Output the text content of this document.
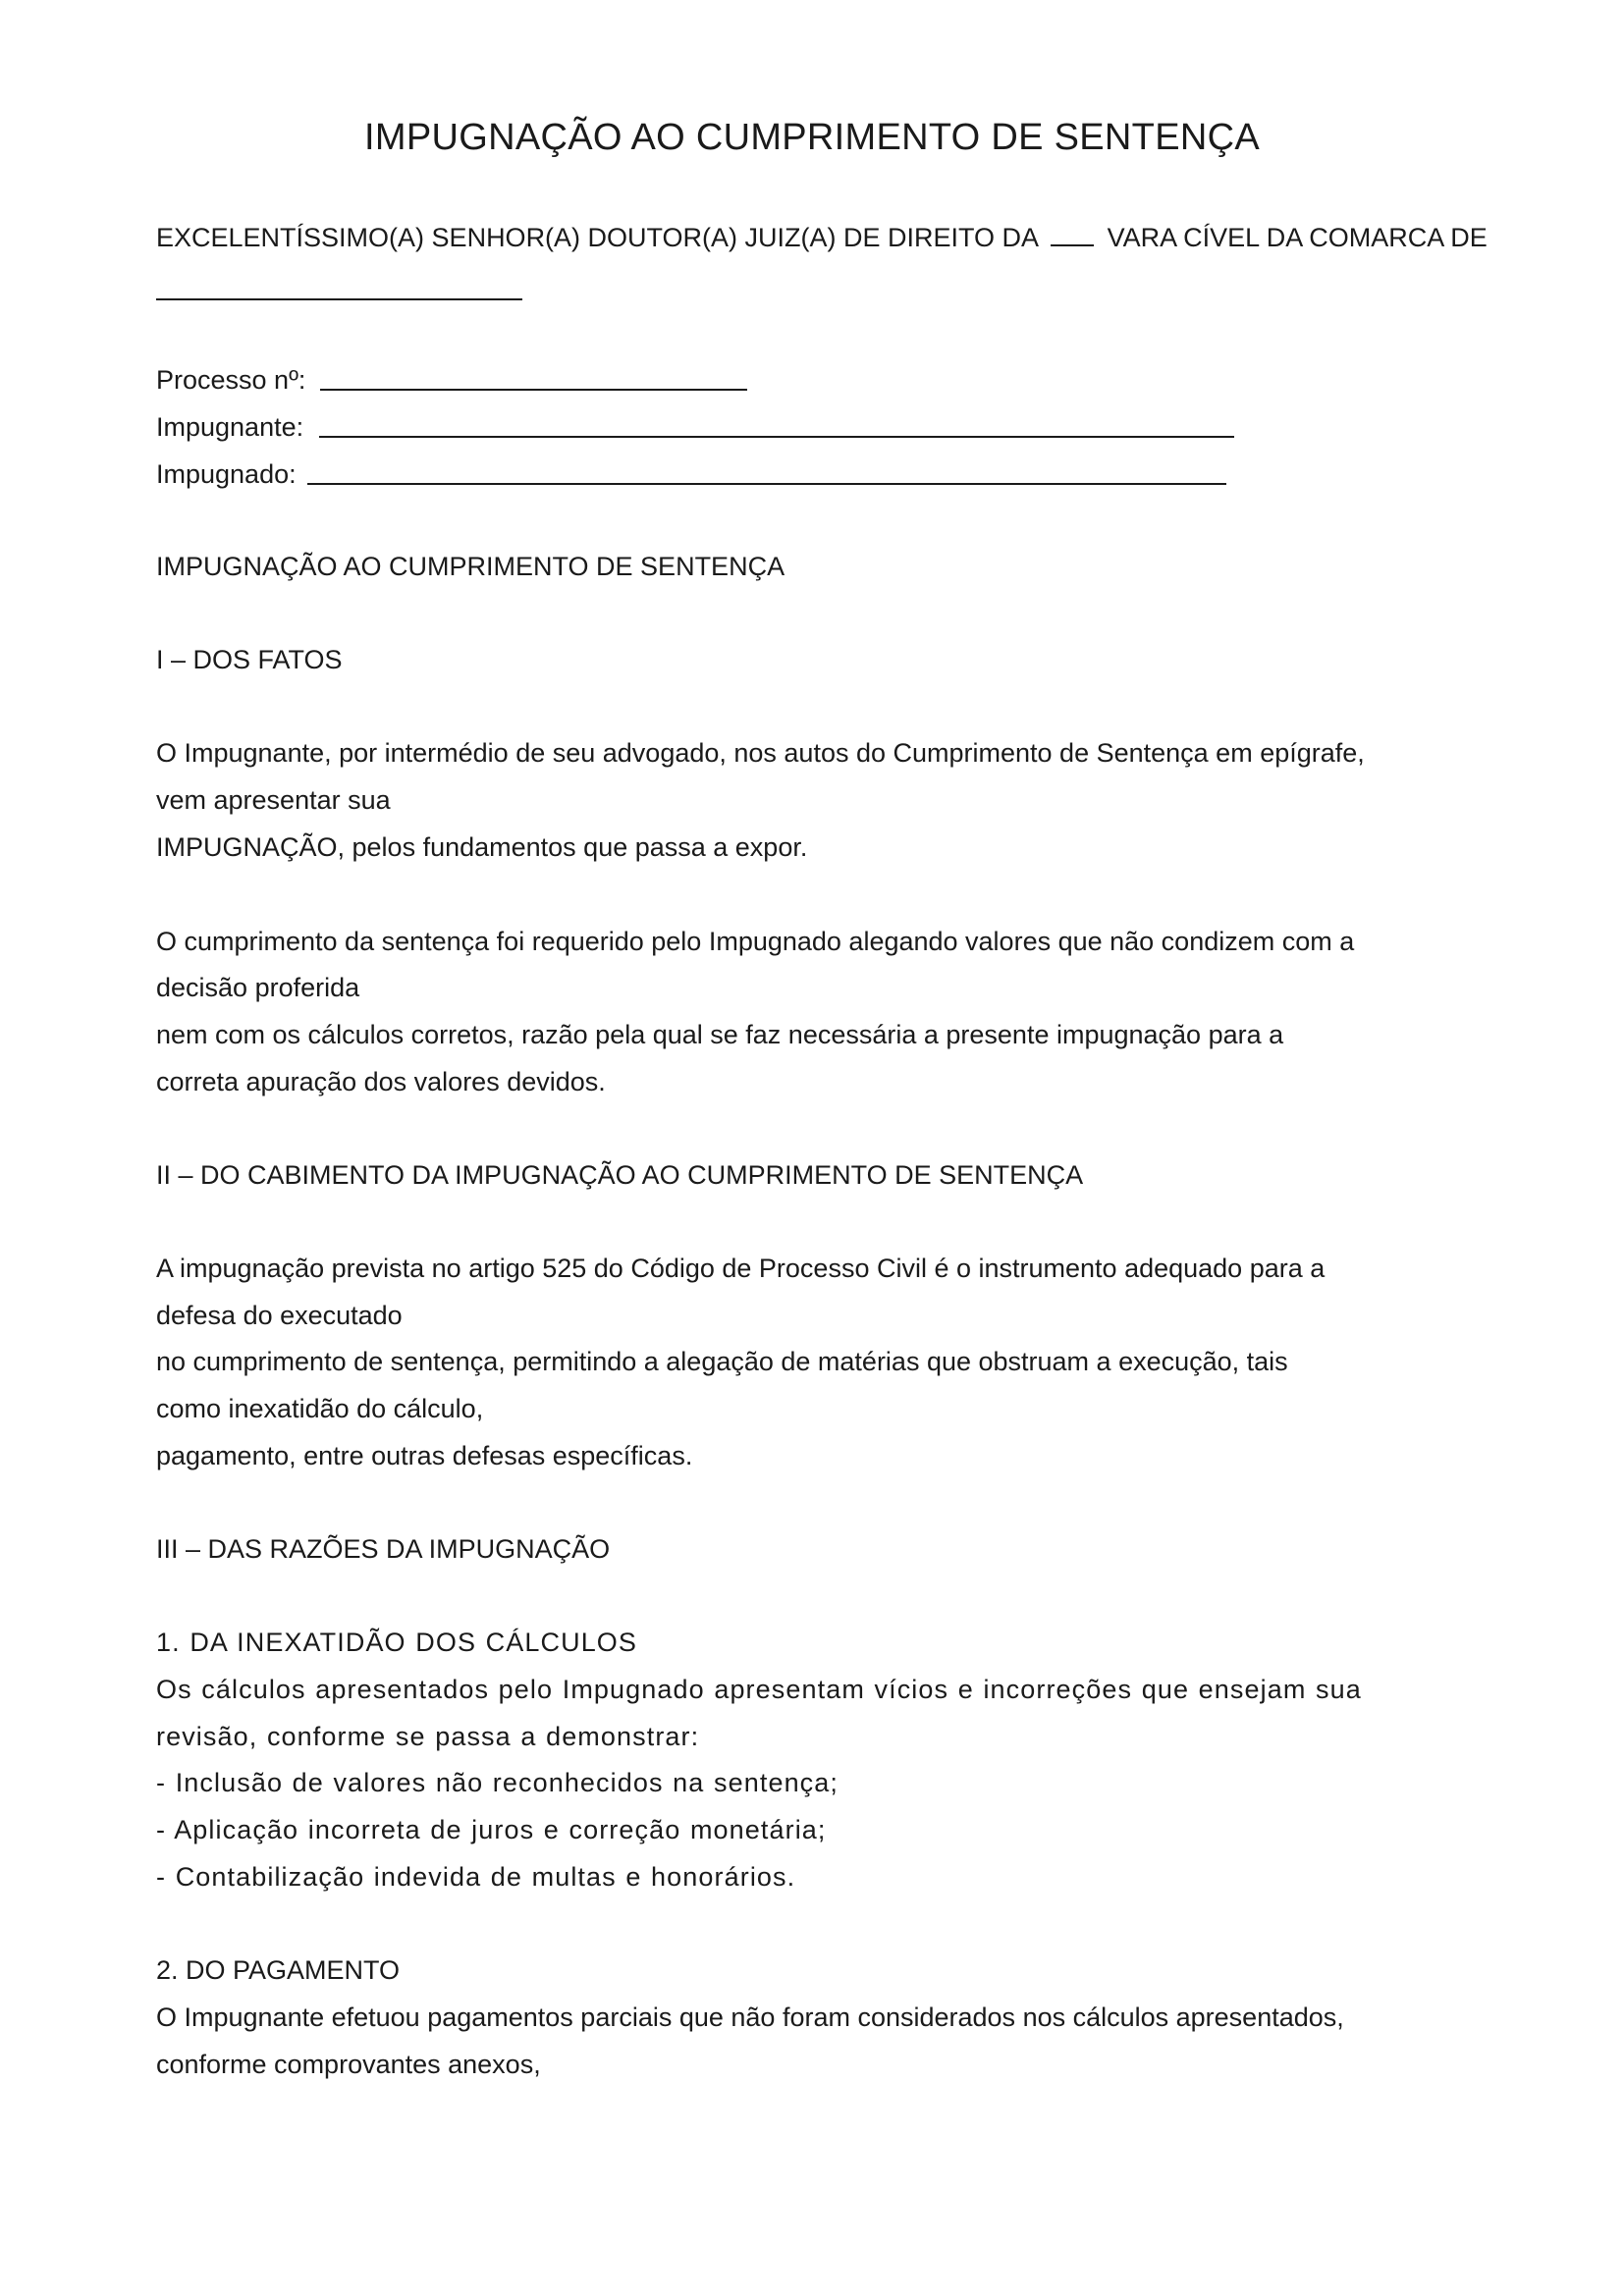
IMPUGNAÇÃO AO CUMPRIMENTO DE SENTENÇA
EXCELENTÍSSIMO(A) SENHOR(A) DOUTOR(A) JUIZ(A) DE DIREITO DA	VARA CÍVEL DA COMARCA DE
Processo nº:
Impugnante:
Impugnado:
IMPUGNAÇÃO AO CUMPRIMENTO DE SENTENÇA
I – DOS FATOS
O Impugnante, por intermédio de seu advogado, nos autos do Cumprimento de Sentença em epígrafe,
vem apresentar sua
IMPUGNAÇÃO, pelos fundamentos que passa a expor.
O cumprimento da sentença foi requerido pelo Impugnado alegando valores que não condizem com a
decisão proferida
nem com os cálculos corretos, razão pela qual se faz necessária a presente impugnação para a
correta apuração dos valores devidos.
II – DO CABIMENTO DA IMPUGNAÇÃO AO CUMPRIMENTO DE SENTENÇA
A impugnação prevista no artigo 525 do Código de Processo Civil é o instrumento adequado para a
defesa do executado
no cumprimento de sentença, permitindo a alegação de matérias que obstruam a execução, tais
como inexatidão do cálculo,
pagamento, entre outras defesas específicas.
III – DAS RAZÕES DA IMPUGNAÇÃO
1. DA INEXATIDÃO DOS CÁLCULOS
Os cálculos apresentados pelo Impugnado apresentam vícios e incorreções que ensejam sua
revisão, conforme se passa a demonstrar:
- Inclusão de valores não reconhecidos na sentença;
- Aplicação incorreta de juros e correção monetária;
- Contabilização indevida de multas e honorários.
2. DO PAGAMENTO
O Impugnante efetuou pagamentos parciais que não foram considerados nos cálculos apresentados,
conforme comprovantes anexos,
